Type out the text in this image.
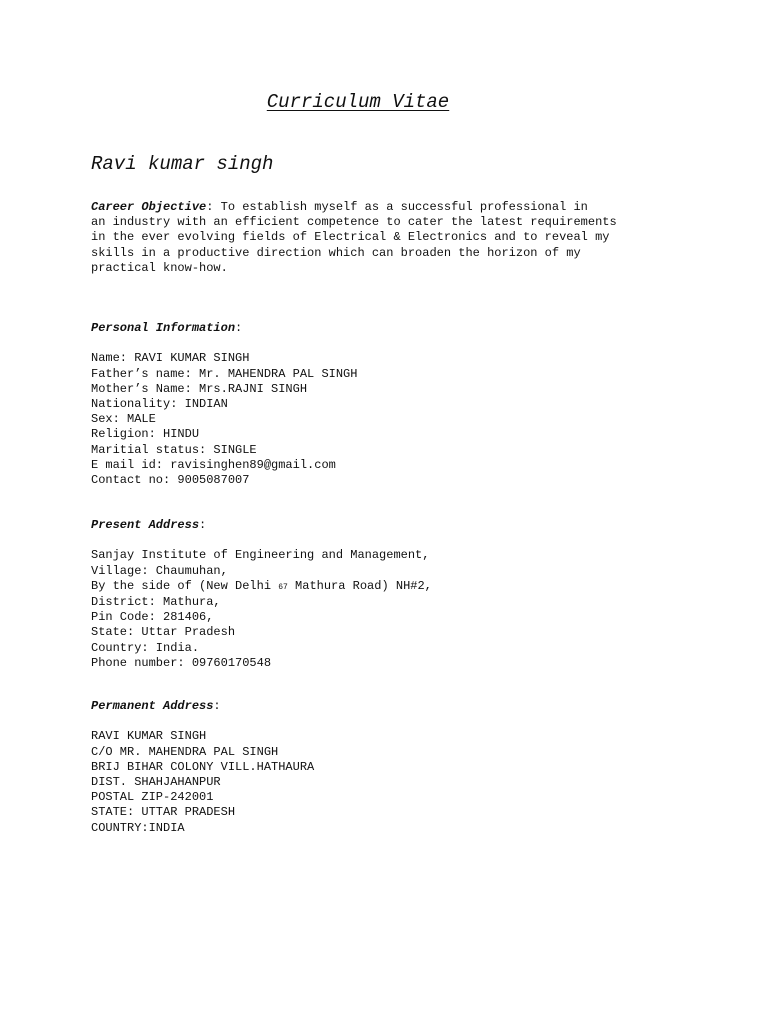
Curriculum Vitae
Ravi kumar singh
Career Objective: To establish myself as a successful professional in
an industry with an efficient competence to cater the latest requirements
in the ever evolving fields of Electrical & Electronics and to reveal my
skills in a productive direction which can broaden the horizon of my
practical know-how.
Personal Information:
Name: RAVI KUMAR SINGH
Father’s name: Mr. MAHENDRA PAL SINGH
Mother’s Name: Mrs.RAJNI SINGH
Nationality: INDIAN
Sex: MALE
Religion: HINDU
Maritial status: SINGLE
E mail id: ravisinghen89@gmail.com
Contact no: 9005087007
Present Address:
Sanjay Institute of Engineering and Management,
Village: Chaumuhan,
By the side of (New Delhi 67 Mathura Road) NH#2,
District: Mathura,
Pin Code: 281406,
State: Uttar Pradesh
Country: India.
Phone number: 09760170548
Permanent Address:
RAVI KUMAR SINGH
C/O MR. MAHENDRA PAL SINGH
BRIJ BIHAR COLONY VILL.HATHAURA
DIST. SHAHJAHANPUR
POSTAL ZIP-242001
STATE: UTTAR PRADESH
COUNTRY:INDIA
